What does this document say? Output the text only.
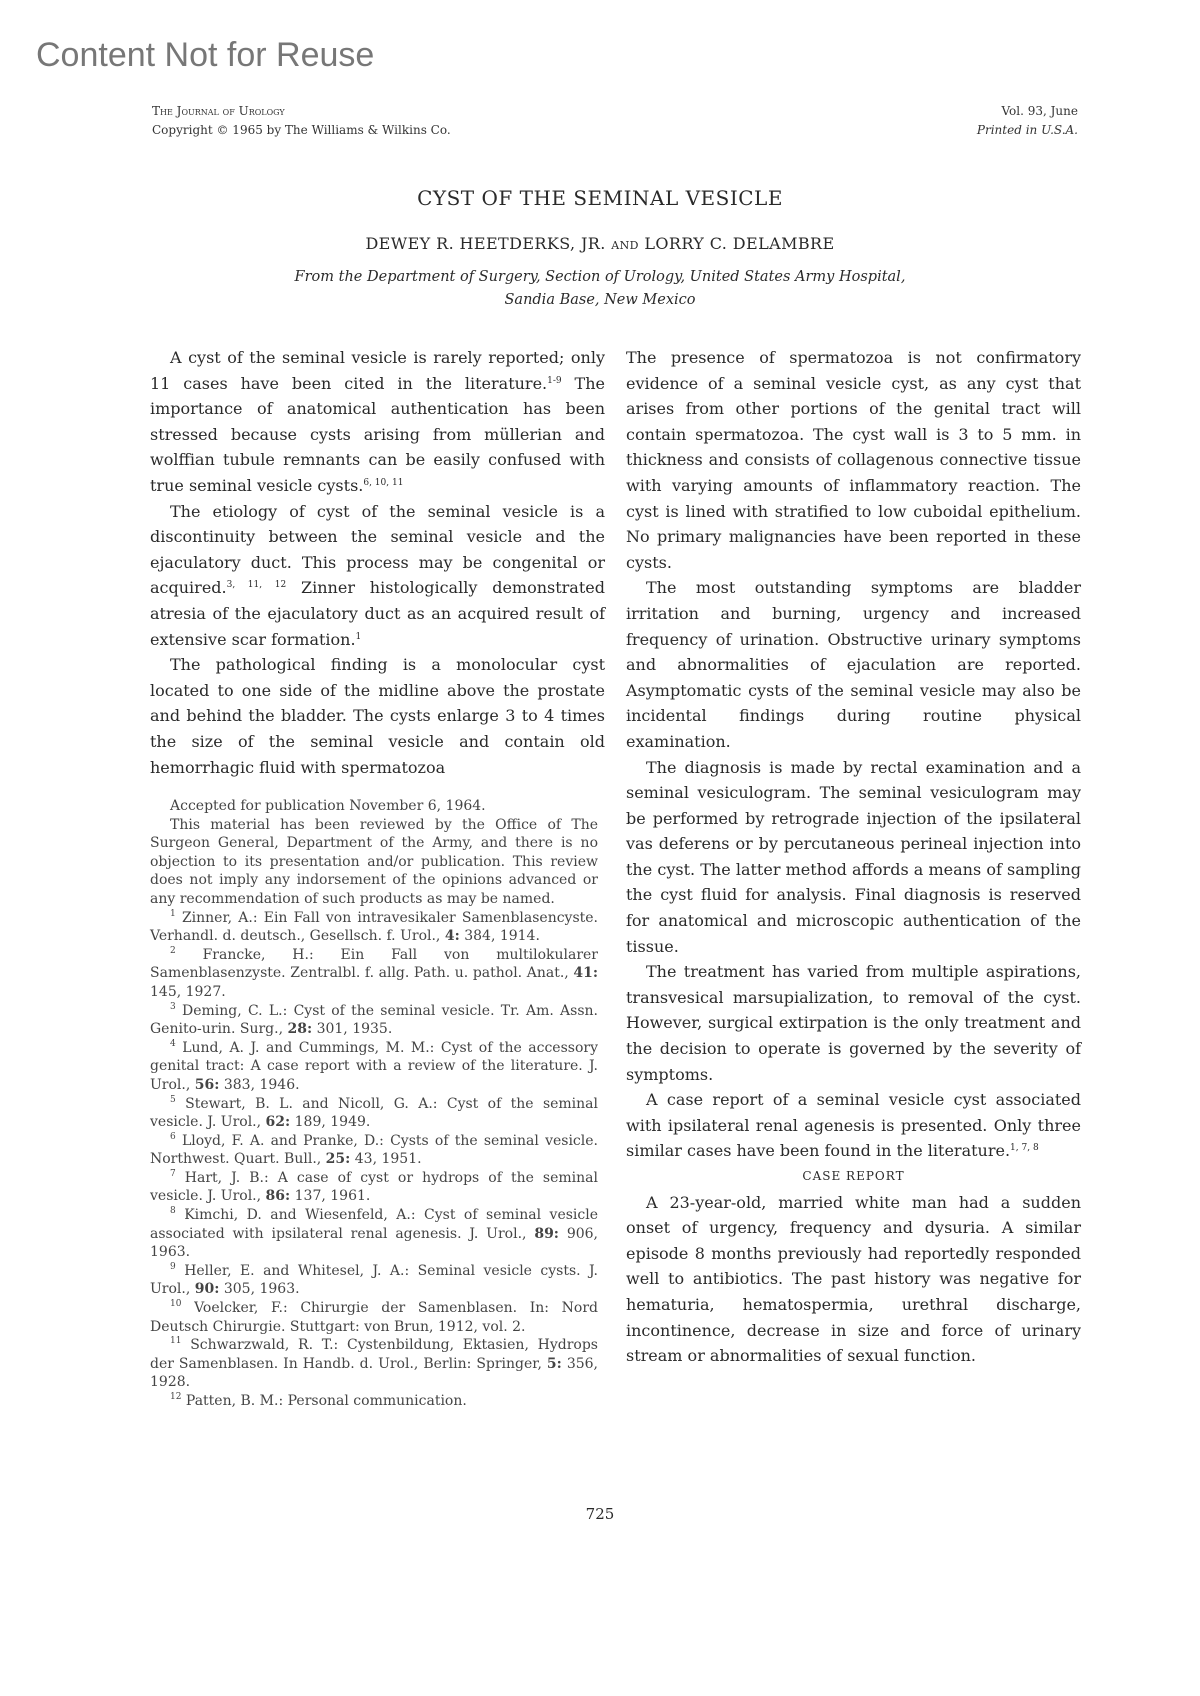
Content Not for Reuse
The Journal of Urology
Copyright © 1965 by The Williams & Wilkins Co.
Vol. 93, June
Printed in U.S.A.
CYST OF THE SEMINAL VESICLE
DEWEY R. HEETDERKS, JR. and LORRY C. DELAMBRE
From the Department of Surgery, Section of Urology, United States Army Hospital,
Sandia Base, New Mexico

A cyst of the seminal vesicle is rarely reported; only 11 cases have been cited in the literature.$^{1-9}$ The importance of anatomical authentication has been stressed because cysts arising from müllerian and wolffian tubule remnants can be easily confused with true seminal vesicle cysts.$^{6, 10, 11}$

The etiology of cyst of the seminal vesicle is a discontinuity between the seminal vesicle and the ejaculatory duct. This process may be congenital or acquired.$^{3, 11, 12}$ Zinner histologically demonstrated atresia of the ejaculatory duct as an acquired result of extensive scar formation.$^1$

The pathological finding is a monolocular cyst located to one side of the midline above the prostate and behind the bladder. The cysts enlarge 3 to 4 times the size of the seminal vesicle and contain old hemorrhagic fluid with spermatozoa

Accepted for publication November 6, 1964.

This material has been reviewed by the Office of The Surgeon General, Department of the Army, and there is no objection to its presentation and/or publication. This review does not imply any indorsement of the opinions advanced or any recommendation of such products as may be named.

$^1$ Zinner, A.: Ein Fall von intravesikaler Samenblasencyste. Verhandl. d. deutsch., Gesellsch. f. Urol., 4: 384, 1914.

$^2$ Francke, H.: Ein Fall von multilokularer Samenblasenzyste. Zentralbl. f. allg. Path. u. pathol. Anat., 41: 145, 1927.

$^3$ Deming, C. L.: Cyst of the seminal vesicle. Tr. Am. Assn. Genito-urin. Surg., 28: 301, 1935.

$^4$ Lund, A. J. and Cummings, M. M.: Cyst of the accessory genital tract: A case report with a review of the literature. J. Urol., 56: 383, 1946.

$^5$ Stewart, B. L. and Nicoll, G. A.: Cyst of the seminal vesicle. J. Urol., 62: 189, 1949.

$^6$ Lloyd, F. A. and Pranke, D.: Cysts of the seminal vesicle. Northwest. Quart. Bull., 25: 43, 1951.

$^7$ Hart, J. B.: A case of cyst or hydrops of the seminal vesicle. J. Urol., 86: 137, 1961.

$^8$ Kimchi, D. and Wiesenfeld, A.: Cyst of seminal vesicle associated with ipsilateral renal agenesis. J. Urol., 89: 906, 1963.

$^9$ Heller, E. and Whitesel, J. A.: Seminal vesicle cysts. J. Urol., 90: 305, 1963.

$^{10}$ Voelcker, F.: Chirurgie der Samenblasen. In: Nord Deutsch Chirurgie. Stuttgart: von Brun, 1912, vol. 2.

$^{11}$ Schwarzwald, R. T.: Cystenbildung, Ektasien, Hydrops der Samenblasen. In Handb. d. Urol., Berlin: Springer, 5: 356, 1928.

$^{12}$ Patten, B. M.: Personal communication.

The presence of spermatozoa is not confirmatory evidence of a seminal vesicle cyst, as any cyst that arises from other portions of the genital tract will contain spermatozoa. The cyst wall is 3 to 5 mm. in thickness and consists of collagenous connective tissue with varying amounts of inflammatory reaction. The cyst is lined with stratified to low cuboidal epithelium. No primary malignancies have been reported in these cysts.

The most outstanding symptoms are bladder irritation and burning, urgency and increased frequency of urination. Obstructive urinary symptoms and abnormalities of ejaculation are reported. Asymptomatic cysts of the seminal vesicle may also be incidental findings during routine physical examination.

The diagnosis is made by rectal examination and a seminal vesiculogram. The seminal vesiculogram may be performed by retrograde injection of the ipsilateral vas deferens or by percutaneous perineal injection into the cyst. The latter method affords a means of sampling the cyst fluid for analysis. Final diagnosis is reserved for anatomical and microscopic authentication of the tissue.

The treatment has varied from multiple aspirations, transvesical marsupialization, to removal of the cyst. However, surgical extirpation is the only treatment and the decision to operate is governed by the severity of symptoms.

A case report of a seminal vesicle cyst associated with ipsilateral renal agenesis is presented. Only three similar cases have been found in the literature.$^{1, 7, 8}$

CASE REPORT

A 23-year-old, married white man had a sudden onset of urgency, frequency and dysuria. A similar episode 8 months previously had reportedly responded well to antibiotics. The past history was negative for hematuria, hematospermia, urethral discharge, incontinence, decrease in size and force of urinary stream or abnormalities of sexual function.

725
